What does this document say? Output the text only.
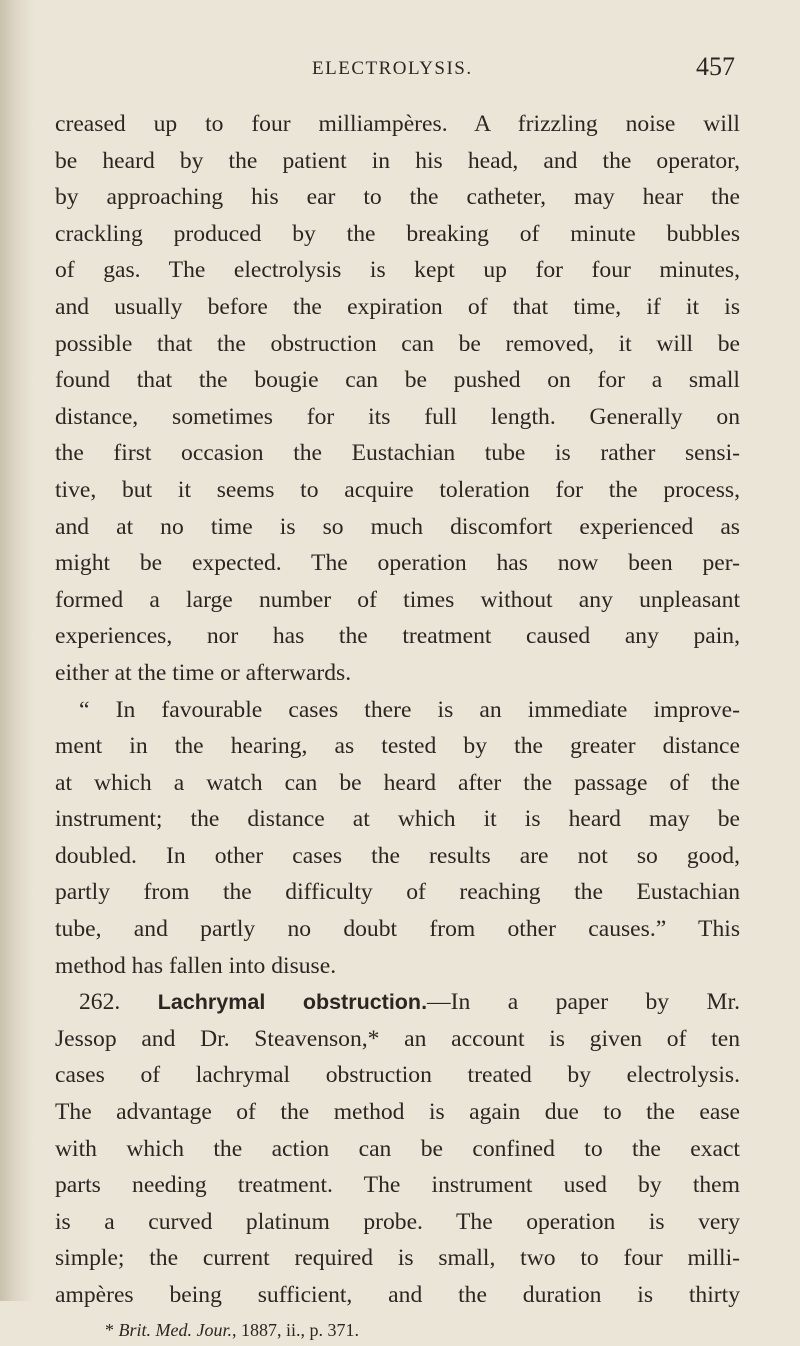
ELECTROLYSIS.	457
creased up to four milliampères. A frizzling noise will
be heard by the patient in his head, and the operator,
by approaching his ear to the catheter, may hear the
crackling produced by the breaking of minute bubbles
of gas. The electrolysis is kept up for four minutes,
and usually before the expiration of that time, if it is
possible that the obstruction can be removed, it will be
found that the bougie can be pushed on for a small
distance, sometimes for its full length. Generally on
the first occasion the Eustachian tube is rather sensi-
tive, but it seems to acquire toleration for the process,
and at no time is so much discomfort experienced as
might be expected. The operation has now been per-
formed a large number of times without any unpleasant
experiences, nor has the treatment caused any pain,
either at the time or afterwards.
“ In favourable cases there is an immediate improve-
ment in the hearing, as tested by the greater distance
at which a watch can be heard after the passage of the
instrument; the distance at which it is heard may be
doubled. In other cases the results are not so good,
partly from the difficulty of reaching the Eustachian
tube, and partly no doubt from other causes.” This
method has fallen into disuse.
262. Lachrymal obstruction.—In a paper by Mr.
Jessop and Dr. Steavenson,* an account is given of ten
cases of lachrymal obstruction treated by electrolysis.
The advantage of the method is again due to the ease
with which the action can be confined to the exact
parts needing treatment. The instrument used by them
is a curved platinum probe. The operation is very
simple; the current required is small, two to four milli-
ampères being sufficient, and the duration is thirty
* Brit. Med. Jour., 1887, ii., p. 371.
